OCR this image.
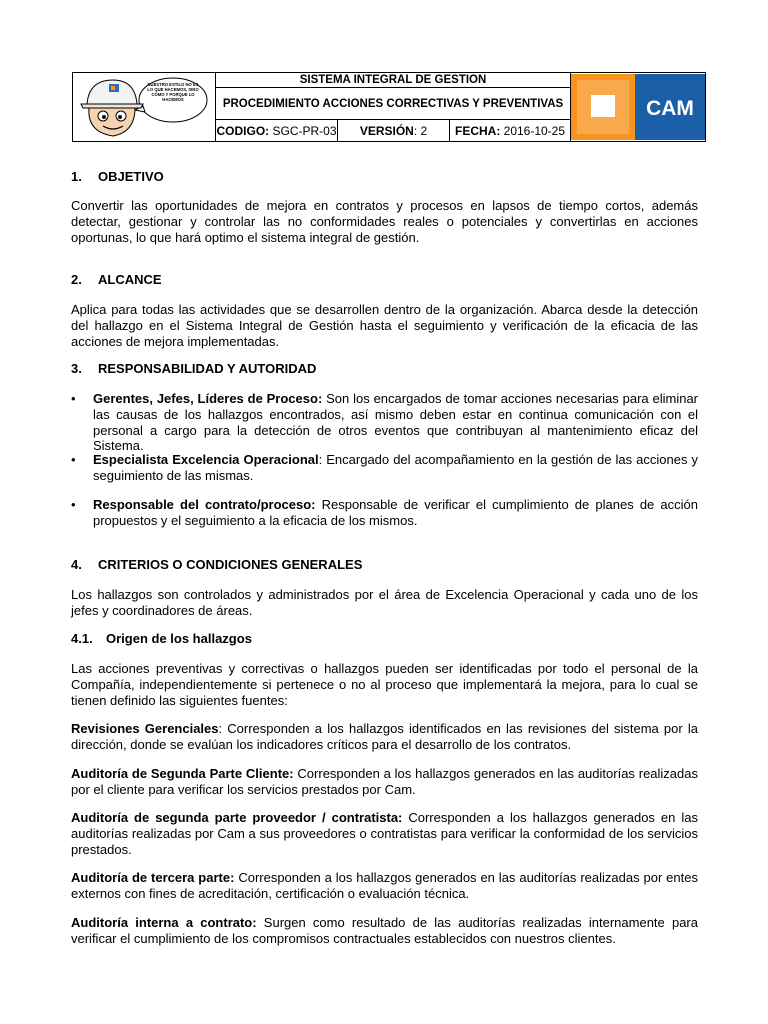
NUESTRO ESTILO NO ES LO QUE HACEMOS, SINO CÓMO Y PORQUE LO HACEMOS	SISTEMA INTEGRAL DE GESTION			CAM

	PROCEDIMIENTO ACCIONES CORRECTIVAS Y PREVENTIVAS			
	CODIGO: SGC-PR-03	VERSIÓN: 2	FECHA: 2016-10-25	
1.	OBJETIVO

Convertir las oportunidades de mejora en contratos y procesos en lapsos de tiempo cortos, además detectar, gestionar y controlar las no conformidades reales o potenciales y convertirlas en acciones oportunas, lo que hará optimo el sistema integral de gestión.

2.	ALCANCE

Aplica para todas las actividades que se desarrollen dentro de la organización. Abarca desde la detección del hallazgo en el Sistema Integral de Gestión hasta el seguimiento y verificación de la eficacia de las acciones de mejora implementadas.

3.	RESPONSABILIDAD Y AUTORIDAD
•	Gerentes, Jefes, Líderes de Proceso: Son los encargados de tomar acciones necesarias para eliminar las causas de los hallazgos encontrados, así mismo deben estar en continua comunicación con el personal a cargo para la detección de otros eventos que contribuyan al mantenimiento eficaz del Sistema.
•	Especialista Excelencia Operacional: Encargado del acompañamiento en la gestión de las acciones y seguimiento de las mismas.
•	Responsable del contrato/proceso: Responsable de verificar el cumplimiento de planes de acción propuestos y el seguimiento a la eficacia de los mismos.
4.	CRITERIOS O CONDICIONES GENERALES

Los hallazgos son controlados y administrados por el área de Excelencia Operacional y cada uno de los jefes y coordinadores de áreas.

4.1.	Origen de los hallazgos

Las acciones preventivas y correctivas o hallazgos pueden ser identificadas por todo el personal de la Compañía, independientemente si pertenece o no al proceso que implementará la mejora, para lo cual se tienen definido las siguientes fuentes:

Revisiones Gerenciales: Corresponden a los hallazgos identificados en las revisiones del sistema por la dirección, donde se evalúan los indicadores críticos para el desarrollo de los contratos.

Auditoría de Segunda Parte Cliente: Corresponden a los hallazgos generados en las auditorías realizadas por el cliente para verificar los servicios prestados por Cam.

Auditoría de segunda parte proveedor / contratista: Corresponden a los hallazgos generados en las auditorías realizadas por Cam a sus proveedores o contratistas para verificar la conformidad de los servicios prestados.

Auditoría de tercera parte: Corresponden a los hallazgos generados en las auditorías realizadas por entes externos con fines de acreditación, certificación o evaluación técnica.

Auditoría interna a contrato: Surgen como resultado de las auditorías realizadas internamente para verificar el cumplimiento de los compromisos contractuales establecidos con nuestros clientes.
